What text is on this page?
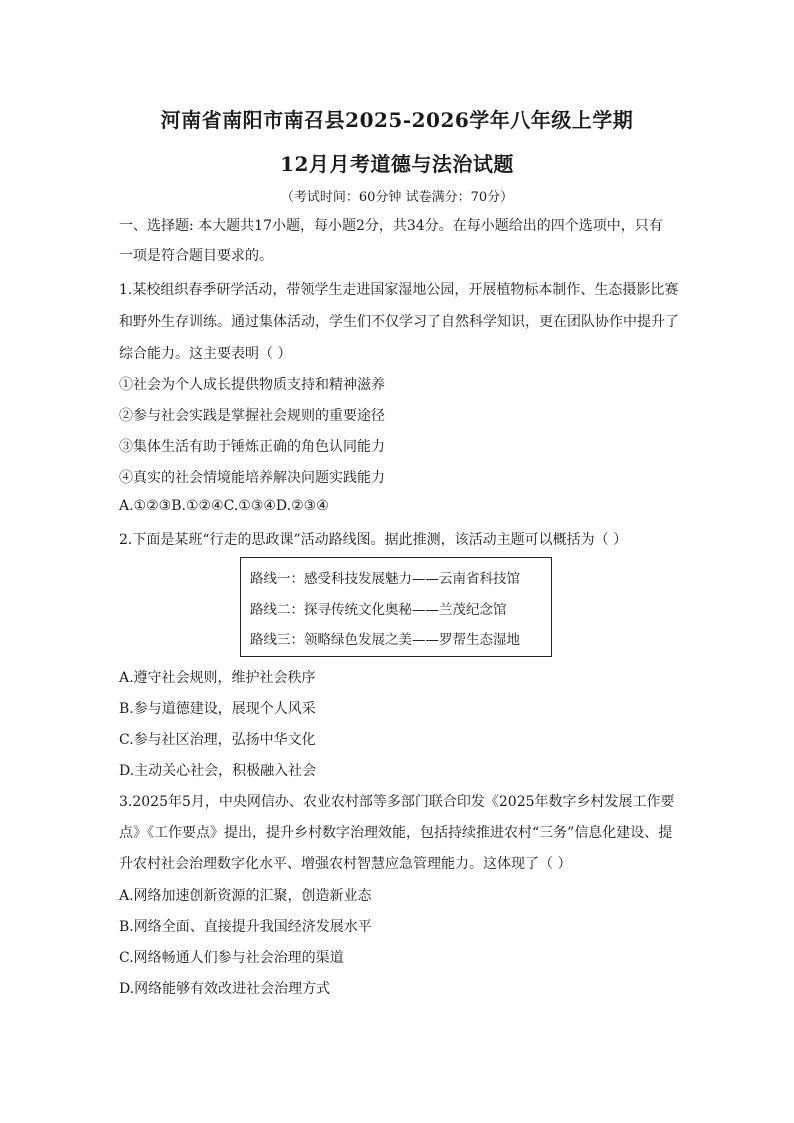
河南省南阳市南召县2025-2026学年八年级上学期
12月月考道德与法治试题
（考试时间：60分钟 试卷满分：70分）
一、选择题: 本大题共17小题，每小题2分，共34分。在每小题给出的四个选项中，只有
一项是符合题目要求的。
1.某校组织春季研学活动，带领学生走进国家湿地公园，开展植物标本制作、生态摄影比赛
和野外生存训练。通过集体活动，学生们不仅学习了自然科学知识，更在团队协作中提升了
综合能力。这主要表明（ ）
①社会为个人成长提供物质支持和精神滋养
②参与社会实践是掌握社会规则的重要途径
③集体生活有助于锤炼正确的角色认同能力
④真实的社会情境能培养解决问题实践能力
A.①②③B.①②④C.①③④D.②③④
2.下面是某班“行走的思政课”活动路线图。据此推测，该活动主题可以概括为（ ）
路线一：感受科技发展魅力——云南省科技馆
路线二：探寻传统文化奥秘——兰茂纪念馆
路线三：领略绿色发展之美——罗帮生态湿地
A.遵守社会规则，维护社会秩序
B.参与道德建设，展现个人风采
C.参与社区治理，弘扬中华文化
D.主动关心社会，积极融入社会
3.2025年5月，中央网信办、农业农村部等多部门联合印发《2025年数字乡村发展工作要
点》《工作要点》提出，提升乡村数字治理效能，包括持续推进农村“三务”信息化建设、提
升农村社会治理数字化水平、增强农村智慧应急管理能力。这体现了（ ）
A.网络加速创新资源的汇聚，创造新业态
B.网络全面、直接提升我国经济发展水平
C.网络畅通人们参与社会治理的渠道
D.网络能够有效改进社会治理方式
